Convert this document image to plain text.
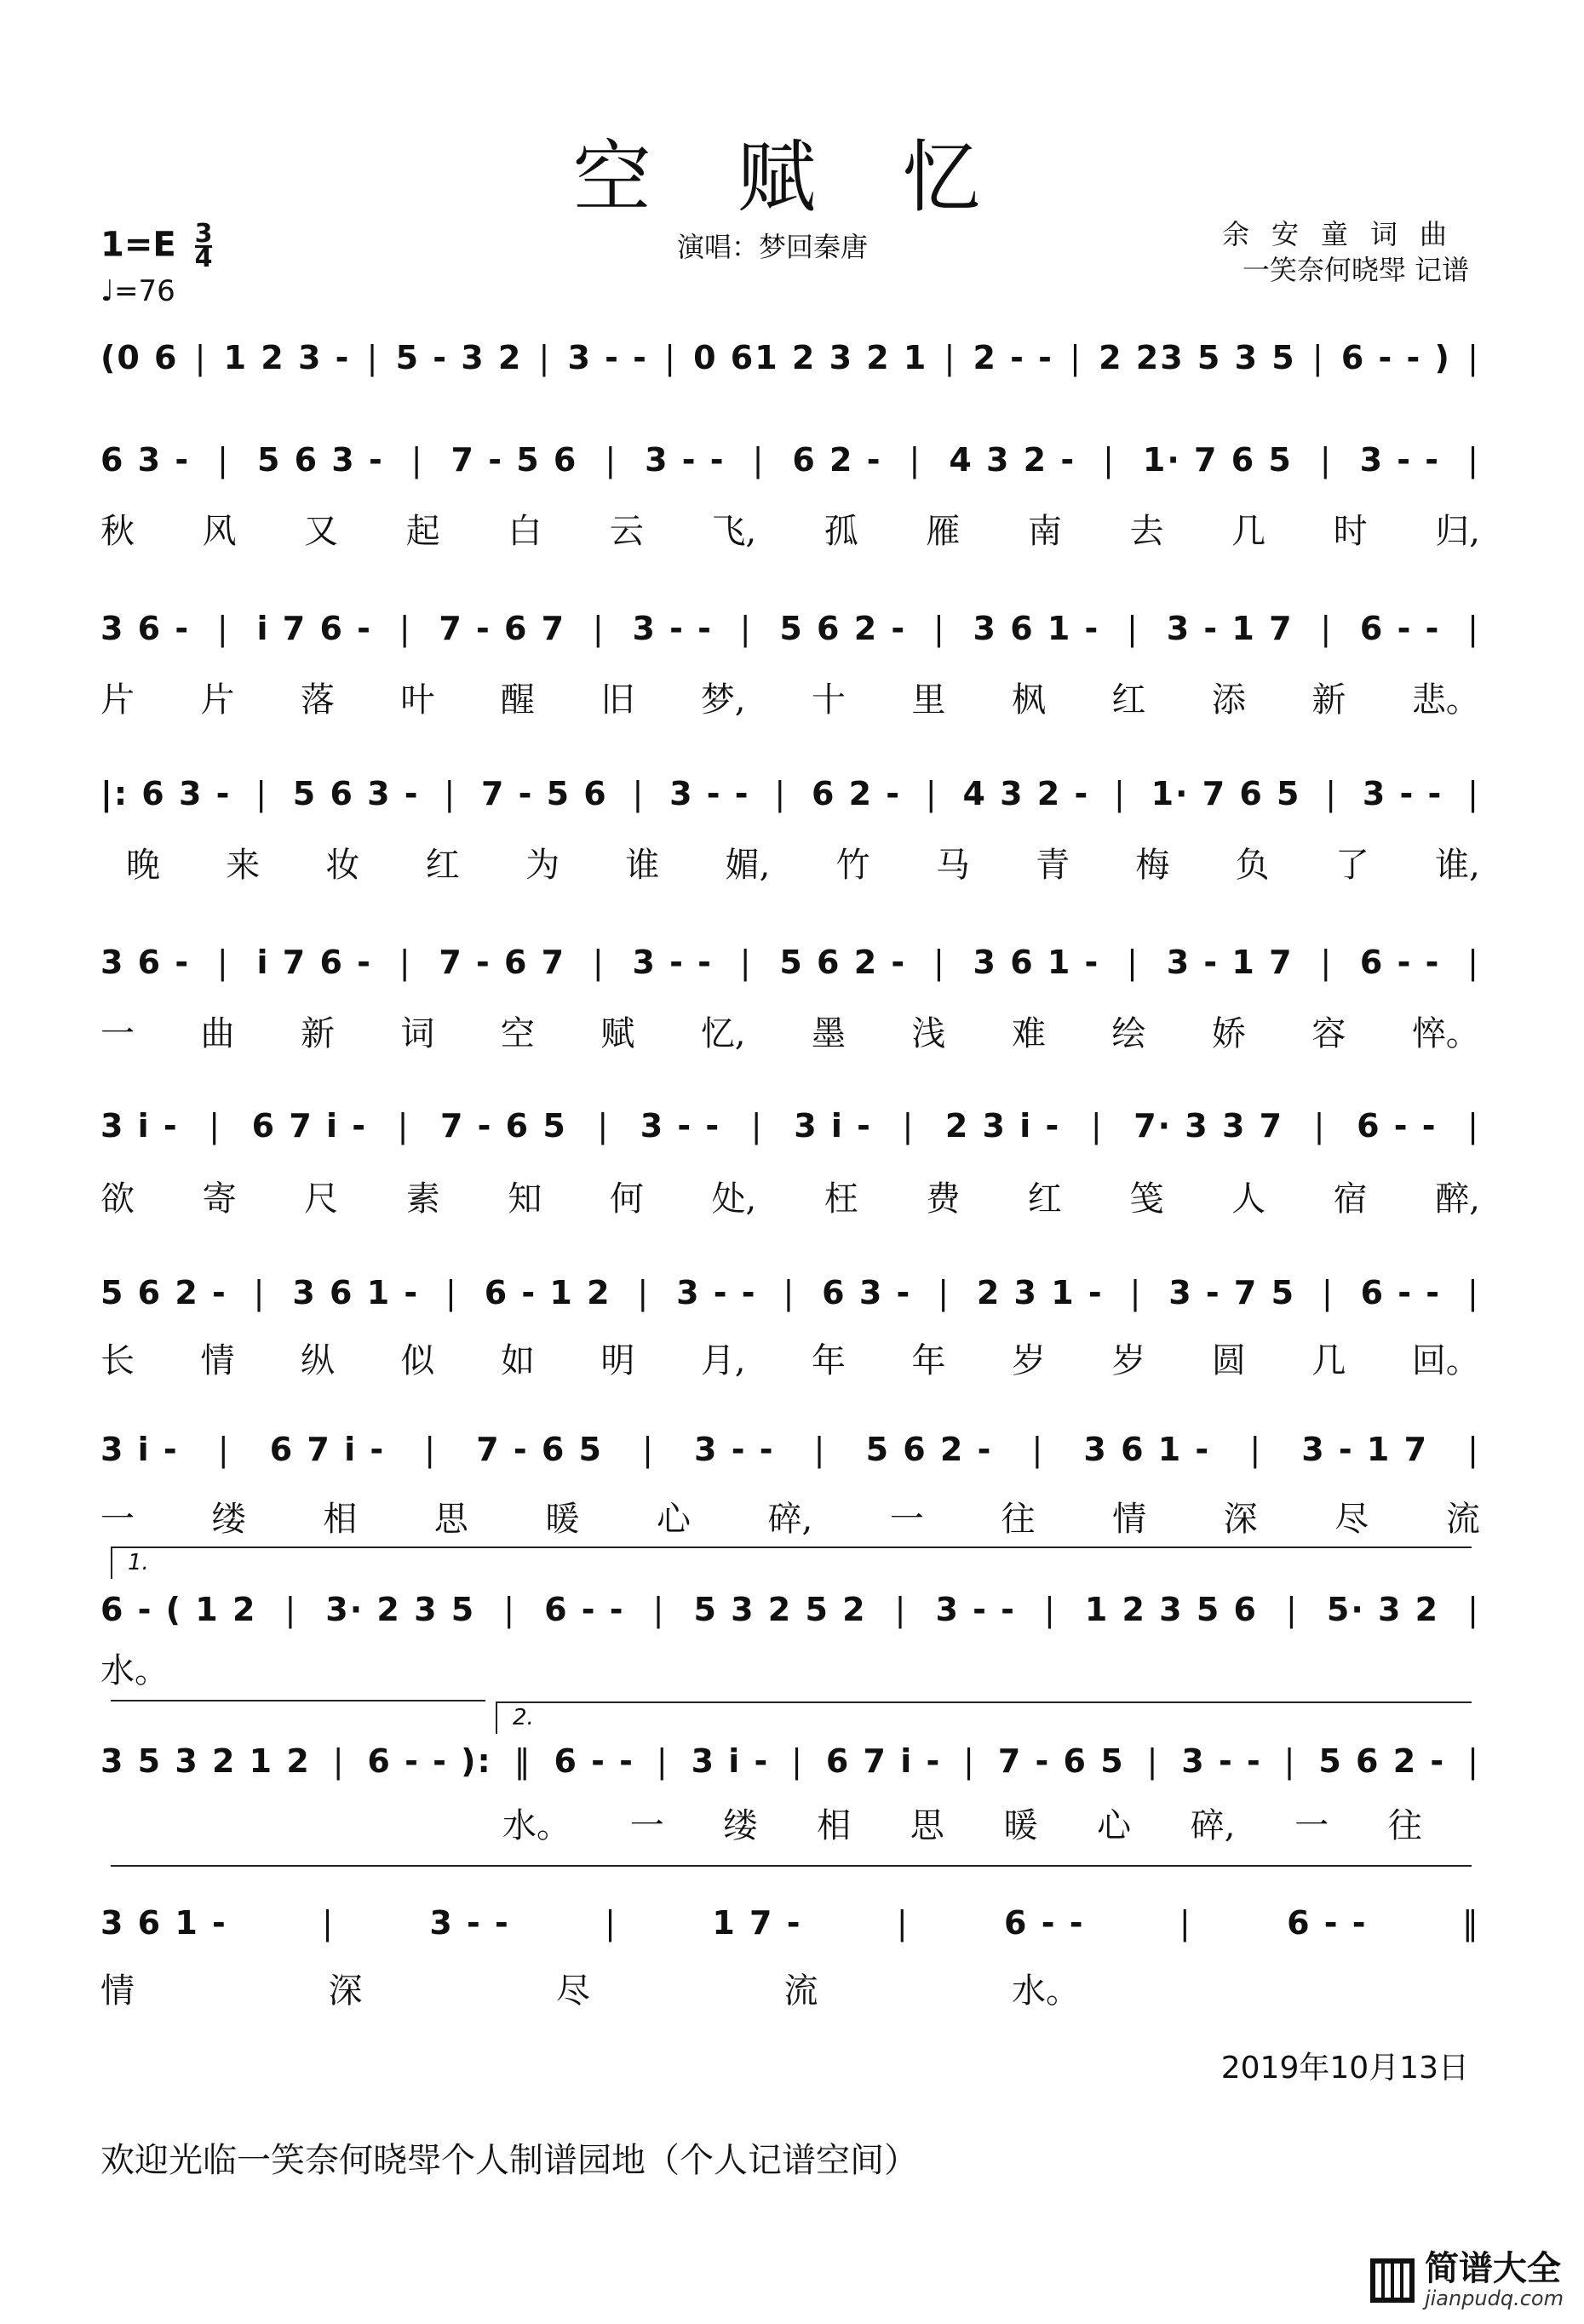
空 赋 忆
$1=E \frac{3}{4}$
♩=76
演唱：梦回秦唐	余安童词曲
一笑奈何晓斝 记谱
(0 6 | 1 2 3 - | 5 - 3 2 | 3 - - | 0 61 2 3 2 1 | 2 - - | 2 23 5 3 5 | 6 - - ) |
6 3 - | 5 6 3 - | 7 - 5 6 | 3 - - | 6 2 - | 4 3 2 - | 1· 7 6 5 | 3 - - |
秋 风 又 起 白 云 飞, 孤 雁 南 去 几 时 归,
3 6 - | i 7 6 - | 7 - 6 7 | 3 - - | 5 6 2 - | 3 6 1 - | 3 - 1 7 | 6 - - |
片 片 落 叶 醒 旧 梦, 十 里 枫 红 添 新 悲。
|: 6 3 - | 5 6 3 - | 7 - 5 6 | 3 - - | 6 2 - | 4 3 2 - | 1· 7 6 5 | 3 - - |
晚 来 妆 红 为 谁 媚, 竹 马 青 梅 负 了 谁,
3 6 - | i 7 6 - | 7 - 6 7 | 3 - - | 5 6 2 - | 3 6 1 - | 3 - 1 7 | 6 - - |
一 曲 新 词 空 赋 忆, 墨 浅 难 绘 娇 容 悴。
3 i - | 6 7 i - | 7 - 6 5 | 3 - - | 3 i - | 2 3 i - | 7· 3 3 7 | 6 - - |
欲 寄 尺 素 知 何 处, 枉 费 红 笺 人 宿 醉,
5 6 2 - | 3 6 1 - | 6 - 1 2 | 3 - - | 6 3 - | 2 3 1 - | 3 - 7 5 | 6 - - |
长 情 纵 似 如 明 月, 年 年 岁 岁 圆 几 回。
3 i - | 6 7 i - | 7 - 6 5 | 3 - - | 5 6 2 - | 3 6 1 - | 3 - 1 7 |
一 缕 相 思 暖 心 碎, 一 往 情 深 尽 流
1.
6 - ( 1 2 | 3· 2 3 5 | 6 - - | 5 3 2 5 2 | 3 - - | 1 2 3 5 6 | 5· 3 2 |
水。
2.
3 5 3 2 1 2 | 6 - - ): ‖ 6 - - | 3 i - | 6 7 i - | 7 - 6 5 | 3 - - | 5 6 2 - |
水。 一 缕 相 思 暖 心 碎, 一 往
3 6 1 -	|	3 - -	|	1 7 -	|	6 - -	|	6 - -	‖
情	深	尽	流	水。
2019年10月13日
欢迎光临一笑奈何晓斝个人制谱园地（个人记谱空间）
简谱大全
jianpudq.com
